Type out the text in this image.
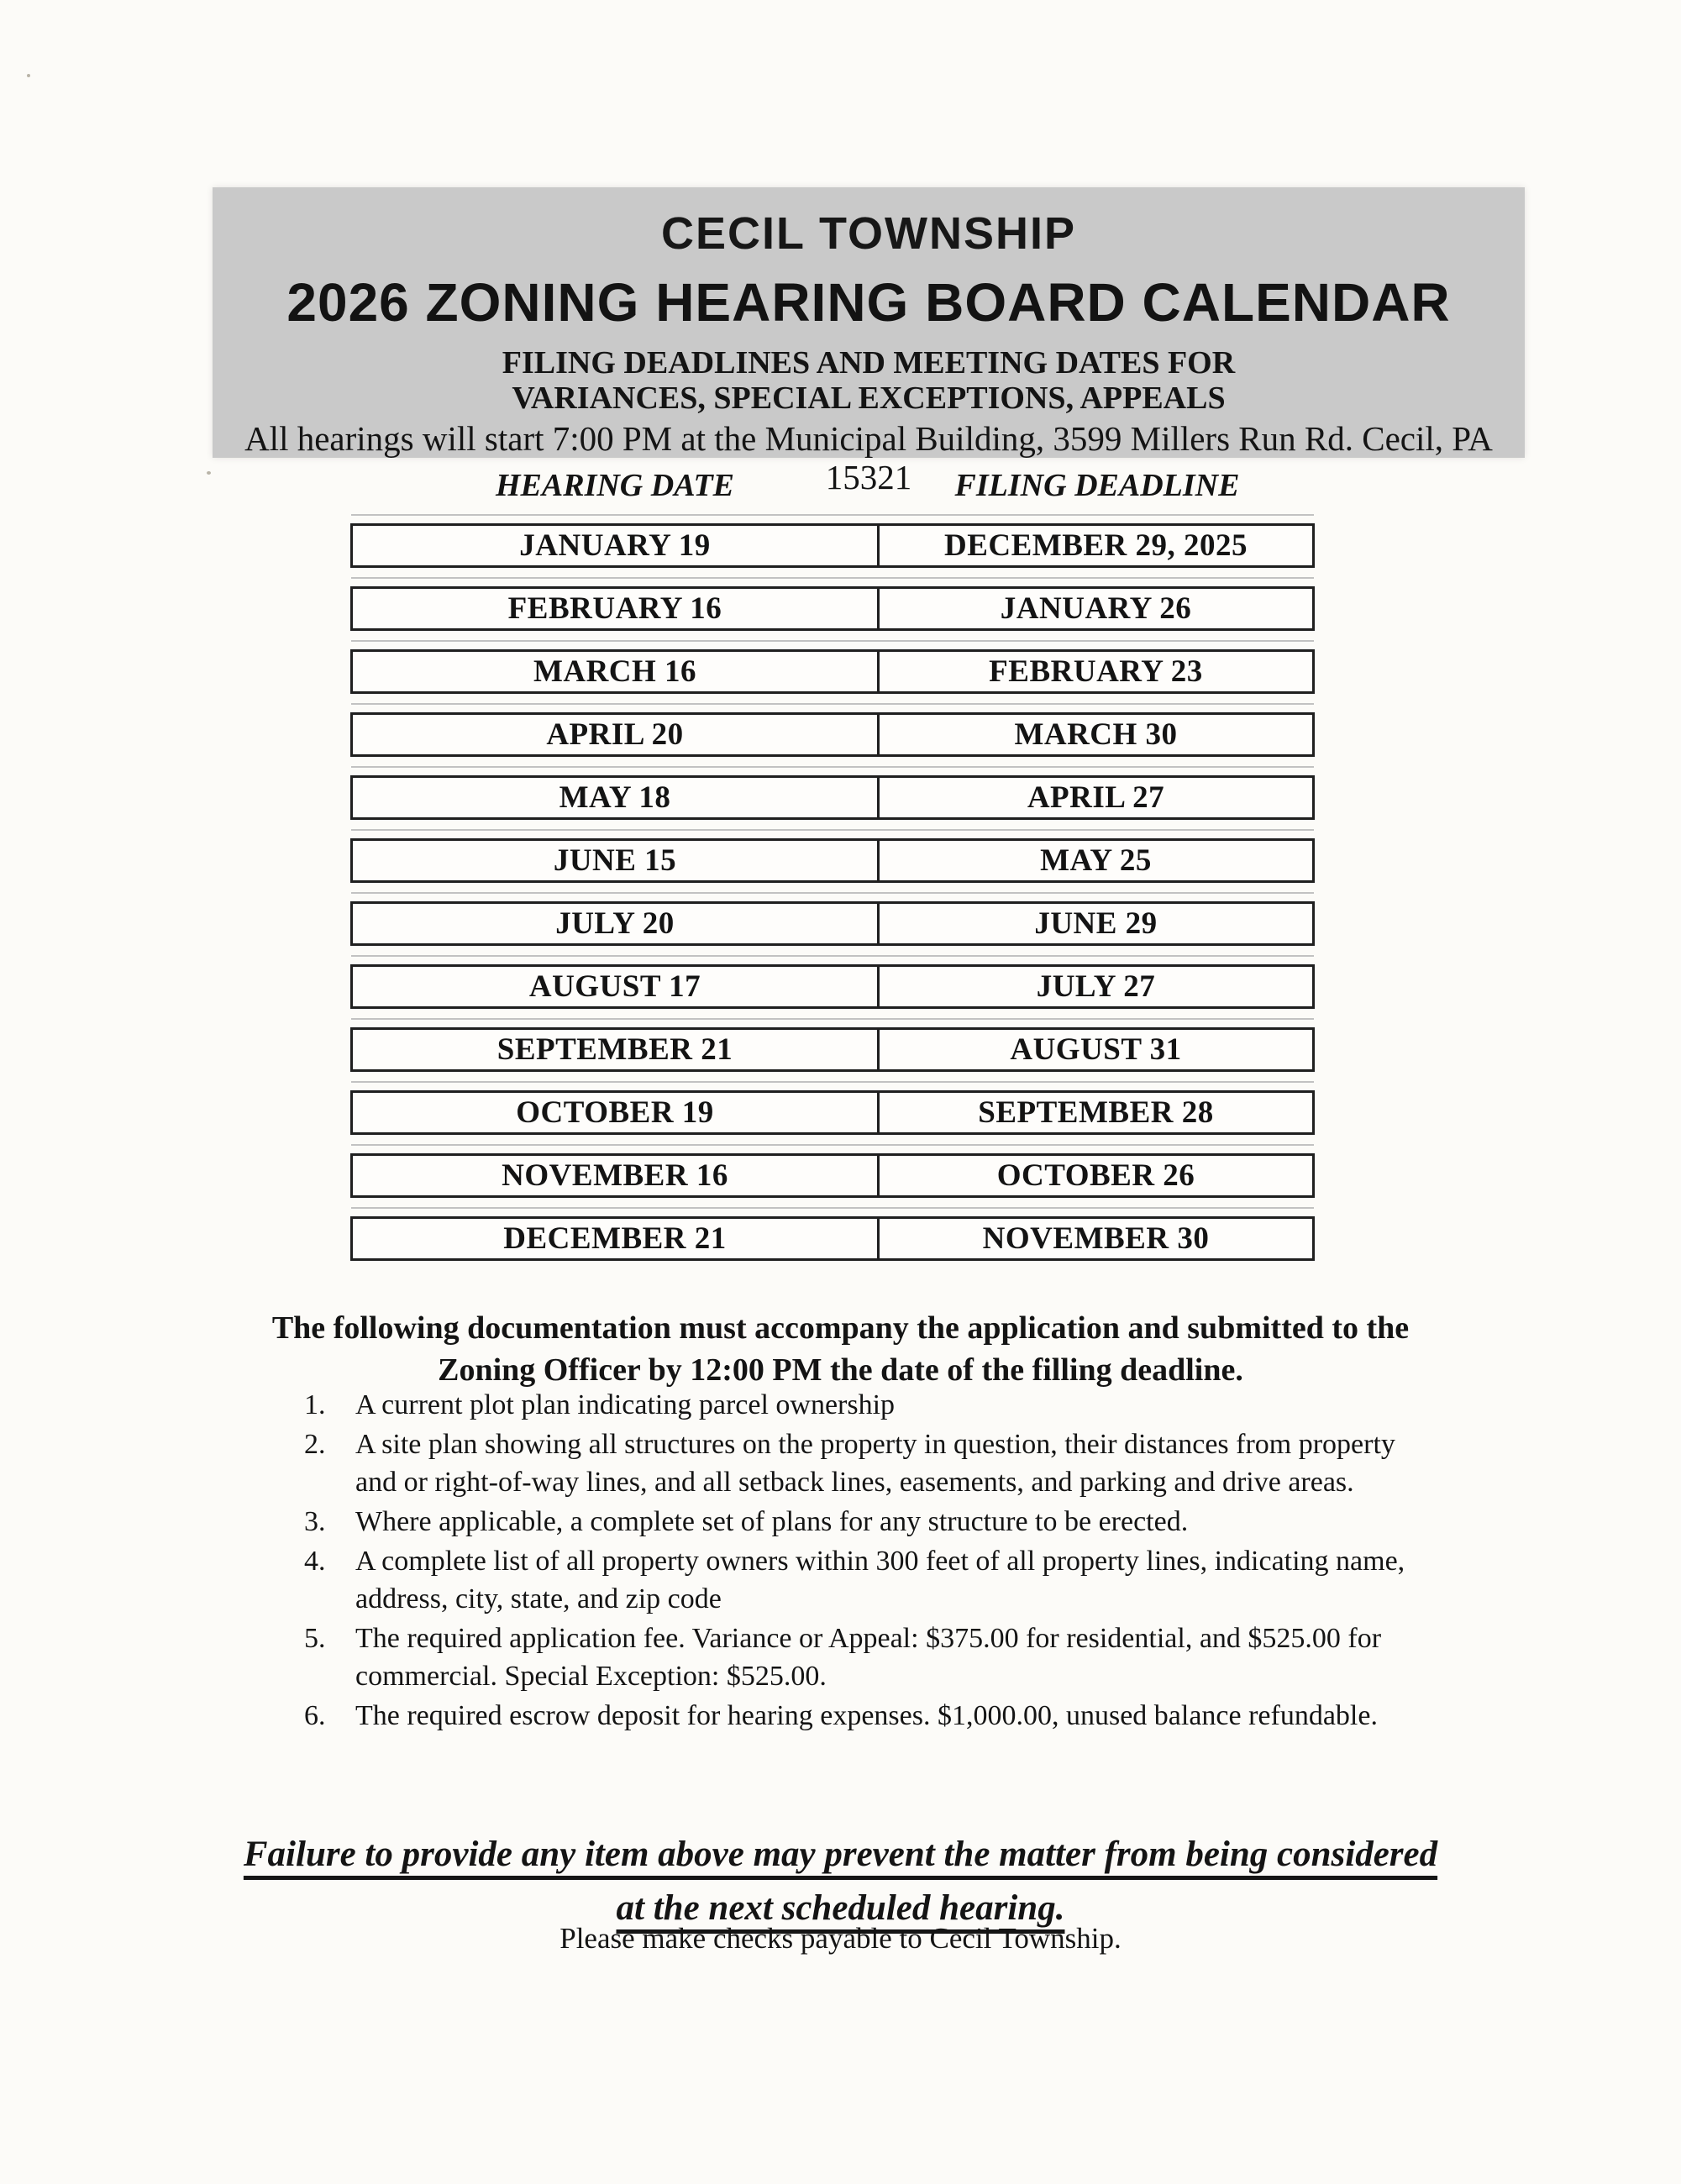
CECIL TOWNSHIP
2026 ZONING HEARING BOARD CALENDAR
FILING DEADLINES AND MEETING DATES FOR
VARIANCES, SPECIAL EXCEPTIONS, APPEALS
All hearings will start 7:00 PM at the Municipal Building, 3599 Millers Run Rd. Cecil, PA 15321
HEARING DATE	FILING DEADLINE
JANUARY 19	DECEMBER 29, 2025
FEBRUARY 16	JANUARY 26
MARCH 16	FEBRUARY 23
APRIL 20	MARCH 30
MAY 18	APRIL 27
JUNE 15	MAY 25
JULY 20	JUNE 29
AUGUST 17	JULY 27
SEPTEMBER 21	AUGUST 31
OCTOBER 19	SEPTEMBER 28
NOVEMBER 16	OCTOBER 26
DECEMBER 21	NOVEMBER 30
The following documentation must accompany the application and submitted to the Zoning Officer by 12:00 PM the date of the filling deadline.
1.	A current plot plan indicating parcel ownership
2.	A site plan showing all structures on the property in question, their distances from property and or right-of-way lines, and all setback lines, easements, and parking and drive areas.
3.	Where applicable, a complete set of plans for any structure to be erected.
4.	A complete list of all property owners within 300 feet of all property lines, indicating name, address, city, state, and zip code
5.	The required application fee. Variance or Appeal: $375.00 for residential, and $525.00 for commercial. Special Exception: $525.00.
6.	The required escrow deposit for hearing expenses. $1,000.00, unused balance refundable.
Failure to provide any item above may prevent the matter from being considered at the next scheduled hearing.
Please make checks payable to Cecil Township.
